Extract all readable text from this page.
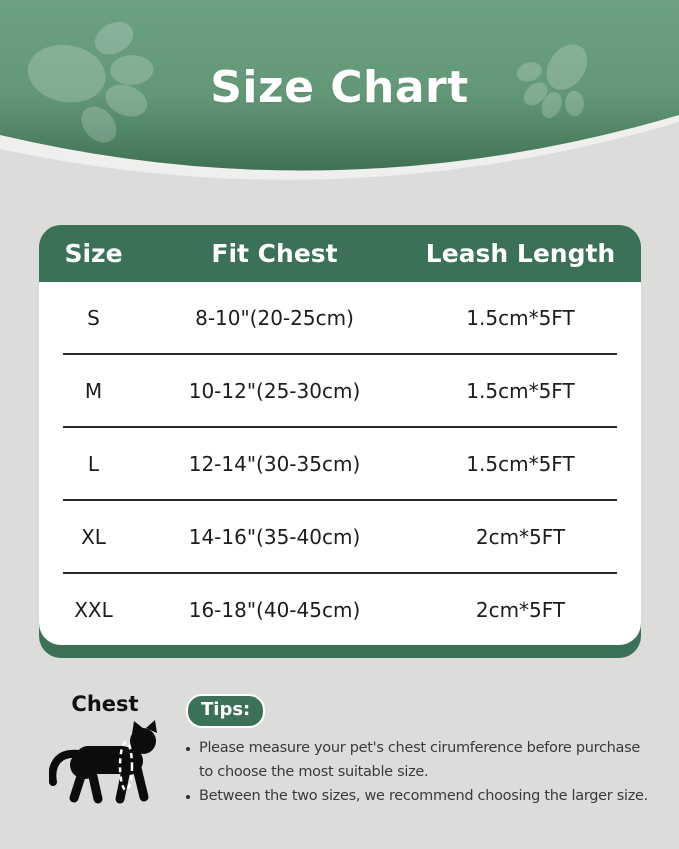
Size Chart
Size	Fit Chest	Leash Length
S	8-10"(20-25cm)	1.5cm*5FT
M	10-12"(25-30cm)	1.5cm*5FT
L	12-14"(30-35cm)	1.5cm*5FT
XL	14-16"(35-40cm)	2cm*5FT
XXL	16-18"(40-45cm)	2cm*5FT
Chest	Tips:
Please measure your pet's chest cirumference before purchase
to choose the most suitable size.
Between the two sizes, we recommend choosing the larger size.
